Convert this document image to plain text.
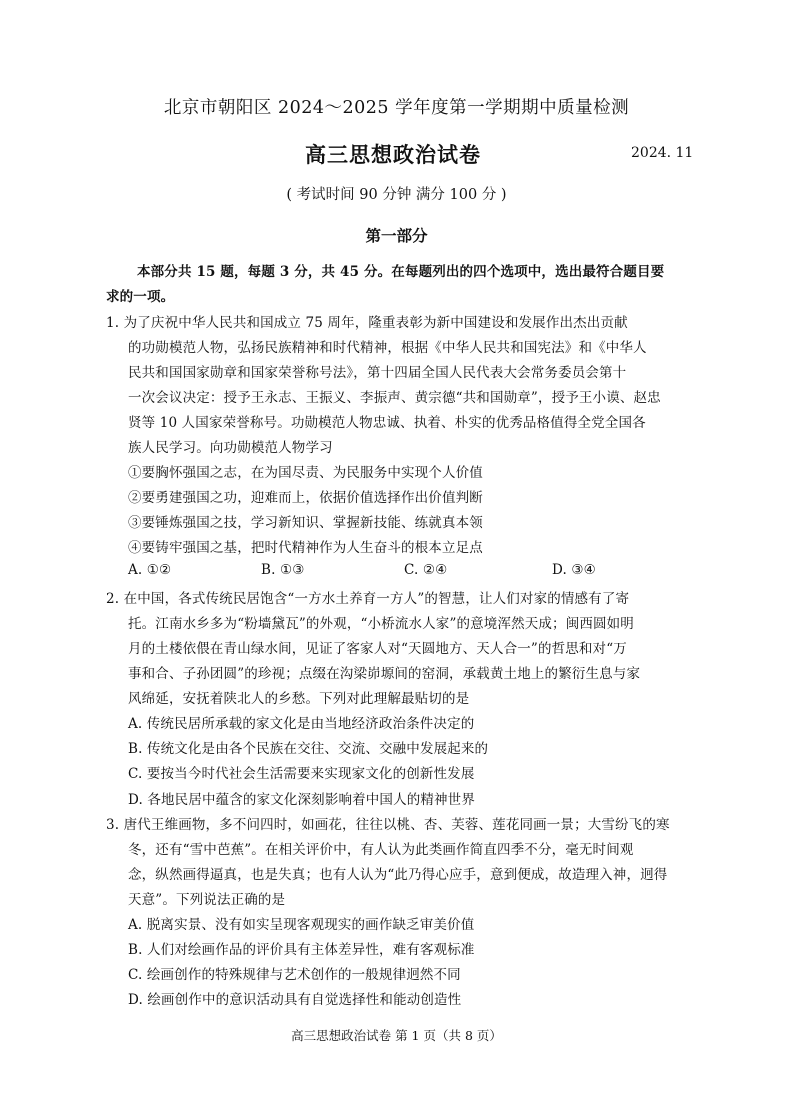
北京市朝阳区 2024～2025 学年度第一学期期中质量检测
高三思想政治试卷	2024. 11
( 考试时间 90 分钟 满分 100 分 )
第一部分
本部分共 15 题，每题 3 分，共 45 分。在每题列出的四个选项中，选出最符合题目要
求的一项。
1. 为了庆祝中华人民共和国成立 75 周年，隆重表彰为新中国建设和发展作出杰出贡献
的功勋模范人物，弘扬民族精神和时代精神，根据《中华人民共和国宪法》和《中华人
民共和国国家勋章和国家荣誉称号法》，第十四届全国人民代表大会常务委员会第十
一次会议决定：授予王永志、王振义、李振声、黄宗德“共和国勋章”，授予王小谟、赵忠
贤等 10 人国家荣誉称号。功勋模范人物忠诚、执着、朴实的优秀品格值得全党全国各
族人民学习。向功勋模范人物学习
①要胸怀强国之志，在为国尽责、为民服务中实现个人价值
②要勇建强国之功，迎难而上，依据价值选择作出价值判断
③要锤炼强国之技，学习新知识、掌握新技能、练就真本领
④要铸牢强国之基，把时代精神作为人生奋斗的根本立足点
A. ①②	B. ①③	C. ②④	D. ③④
2. 在中国，各式传统民居饱含“一方水土养育一方人”的智慧，让人们对家的情感有了寄
托。江南水乡多为“粉墙黛瓦”的外观，“小桥流水人家”的意境浑然天成；闽西圆如明
月的土楼依偎在青山绿水间，见证了客家人对“天圆地方、天人合一”的哲思和对“万
事和合、子孙团圆”的珍视；点缀在沟梁峁塬间的窑洞，承载黄土地上的繁衍生息与家
风绵延，安抚着陕北人的乡愁。下列对此理解最贴切的是
A. 传统民居所承载的家文化是由当地经济政治条件决定的
B. 传统文化是由各个民族在交往、交流、交融中发展起来的
C. 要按当今时代社会生活需要来实现家文化的创新性发展
D. 各地民居中蕴含的家文化深刻影响着中国人的精神世界
3. 唐代王维画物，多不问四时，如画花，往往以桃、杏、芙蓉、莲花同画一景；大雪纷飞的寒
冬，还有“雪中芭蕉”。在相关评价中，有人认为此类画作简直四季不分，毫无时间观
念，纵然画得逼真，也是失真；也有人认为“此乃得心应手，意到便成，故造理入神，迥得
天意”。下列说法正确的是
A. 脱离实景、没有如实呈现客观现实的画作缺乏审美价值
B. 人们对绘画作品的评价具有主体差异性，难有客观标准
C. 绘画创作的特殊规律与艺术创作的一般规律迥然不同
D. 绘画创作中的意识活动具有自觉选择性和能动创造性
高三思想政治试卷 第 1 页（共 8 页）
